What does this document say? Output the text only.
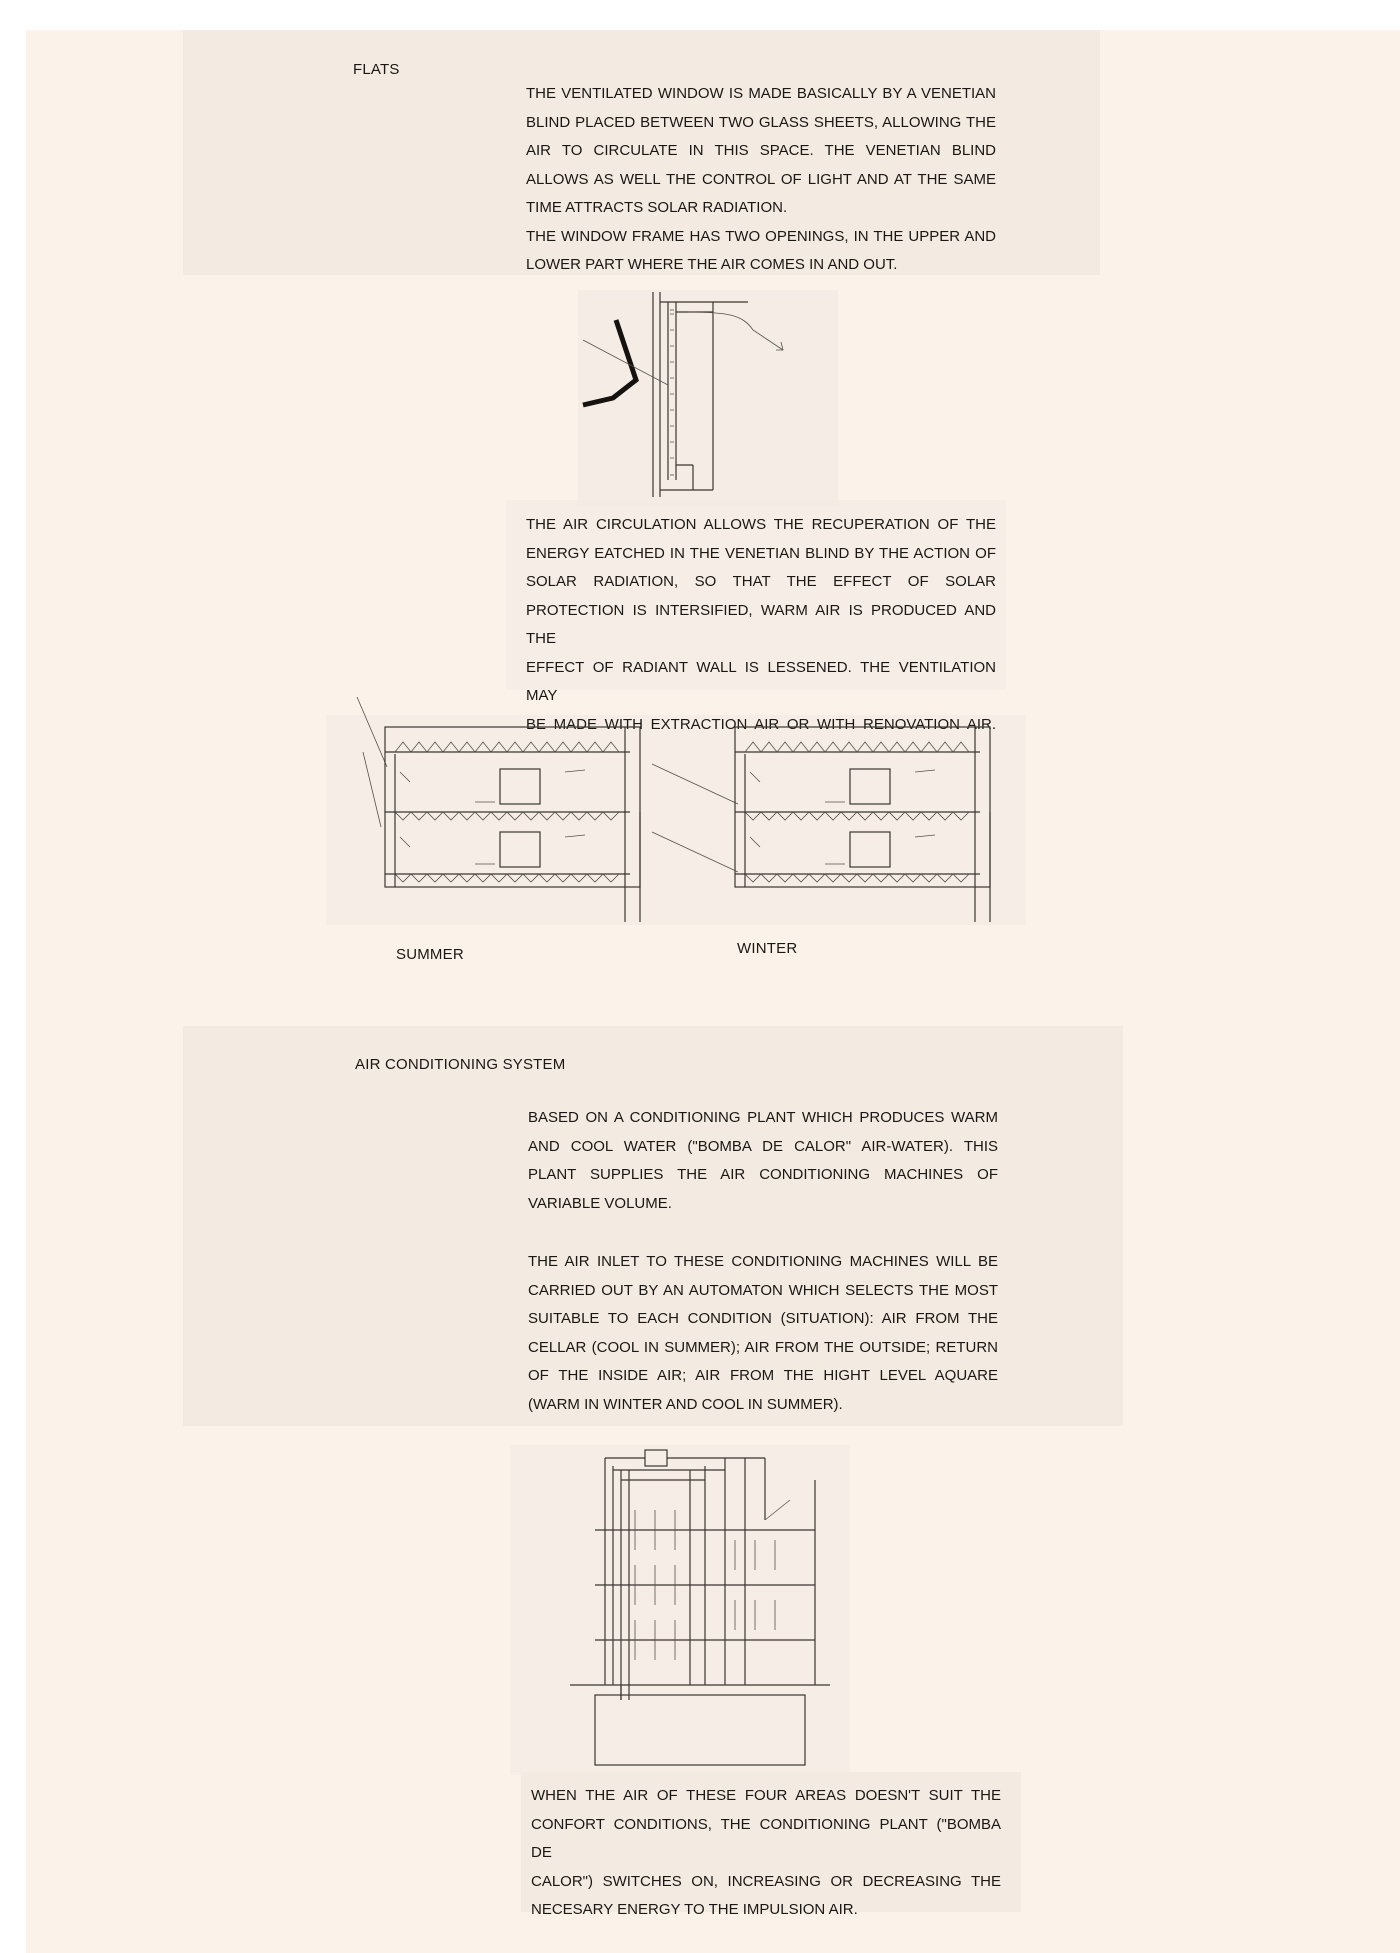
FLATS
THE VENTILATED WINDOW IS MADE BASICALLY BY A VENETIAN
BLIND PLACED BETWEEN TWO GLASS SHEETS, ALLOWING THE
AIR TO CIRCULATE IN THIS SPACE. THE VENETIAN BLIND
ALLOWS AS WELL THE CONTROL OF LIGHT AND AT THE SAME
TIME ATTRACTS SOLAR RADIATION.
THE WINDOW FRAME HAS TWO OPENINGS, IN THE UPPER AND
LOWER PART WHERE THE AIR COMES IN AND OUT.
THE AIR CIRCULATION ALLOWS THE RECUPERATION OF THE
ENERGY EATCHED IN THE VENETIAN BLIND BY THE ACTION OF
SOLAR RADIATION, SO THAT THE EFFECT OF SOLAR
PROTECTION IS INTERSIFIED, WARM AIR IS PRODUCED AND THE
EFFECT OF RADIANT WALL IS LESSENED. THE VENTILATION MAY
BE MADE WITH EXTRACTION AIR OR WITH RENOVATION AIR.
SUMMER	WINTER
AIR CONDITIONING SYSTEM
BASED ON A CONDITIONING PLANT WHICH PRODUCES WARM
AND COOL WATER ("BOMBA DE CALOR" AIR-WATER). THIS
PLANT SUPPLIES THE AIR CONDITIONING MACHINES OF
VARIABLE VOLUME.
THE AIR INLET TO THESE CONDITIONING MACHINES WILL BE
CARRIED OUT BY AN AUTOMATON WHICH SELECTS THE MOST
SUITABLE TO EACH CONDITION (SITUATION): AIR FROM THE
CELLAR (COOL IN SUMMER); AIR FROM THE OUTSIDE; RETURN
OF THE INSIDE AIR; AIR FROM THE HIGHT LEVEL AQUARE
(WARM IN WINTER AND COOL IN SUMMER).
WHEN THE AIR OF THESE FOUR AREAS DOESN'T SUIT THE
CONFORT CONDITIONS, THE CONDITIONING PLANT ("BOMBA DE
CALOR") SWITCHES ON, INCREASING OR DECREASING THE
NECESARY ENERGY TO THE IMPULSION AIR.
